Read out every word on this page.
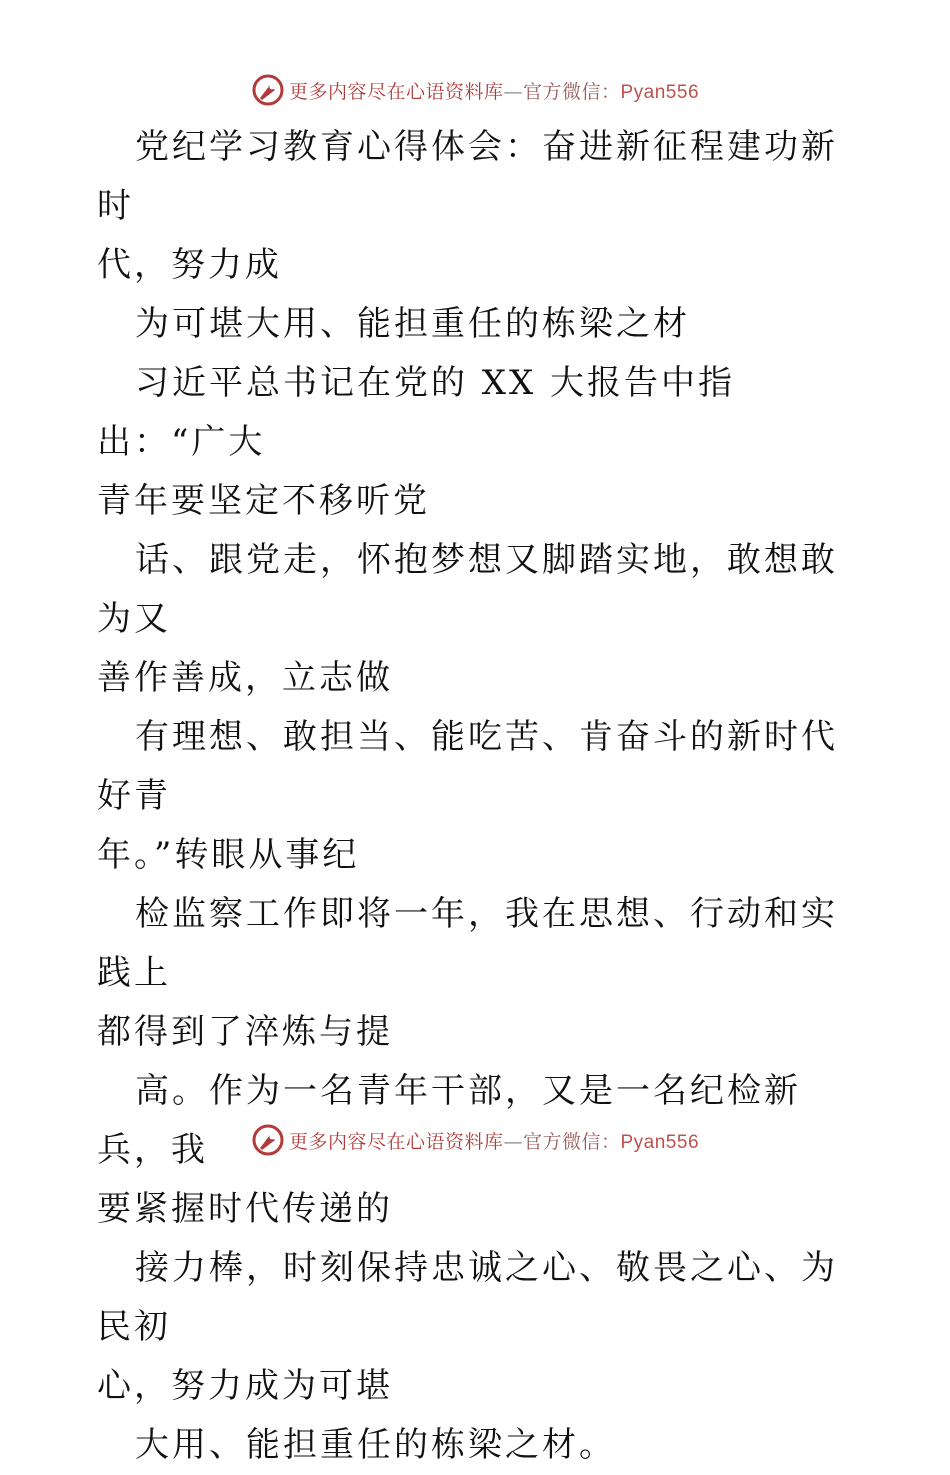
更多内容尽在心语资料库—官方微信：Pyan556

党纪学习教育心得体会：奋进新征程建功新时

代，努力成

为可堪大用、能担重任的栋梁之材

习近平总书记在党的 XX 大报告中指出：“广大

青年要坚定不移听党

话、跟党走，怀抱梦想又脚踏实地，敢想敢为又

善作善成，立志做

有理想、敢担当、能吃苦、肯奋斗的新时代好青

年。”转眼从事纪

检监察工作即将一年，我在思想、行动和实践上

都得到了淬炼与提

高。作为一名青年干部，又是一名纪检新兵，我

要紧握时代传递的

接力棒，时刻保持忠诚之心、敬畏之心、为民初

心，努力成为可堪

大用、能担重任的栋梁之材。

更多内容尽在心语资料库—官方微信：Pyan556
